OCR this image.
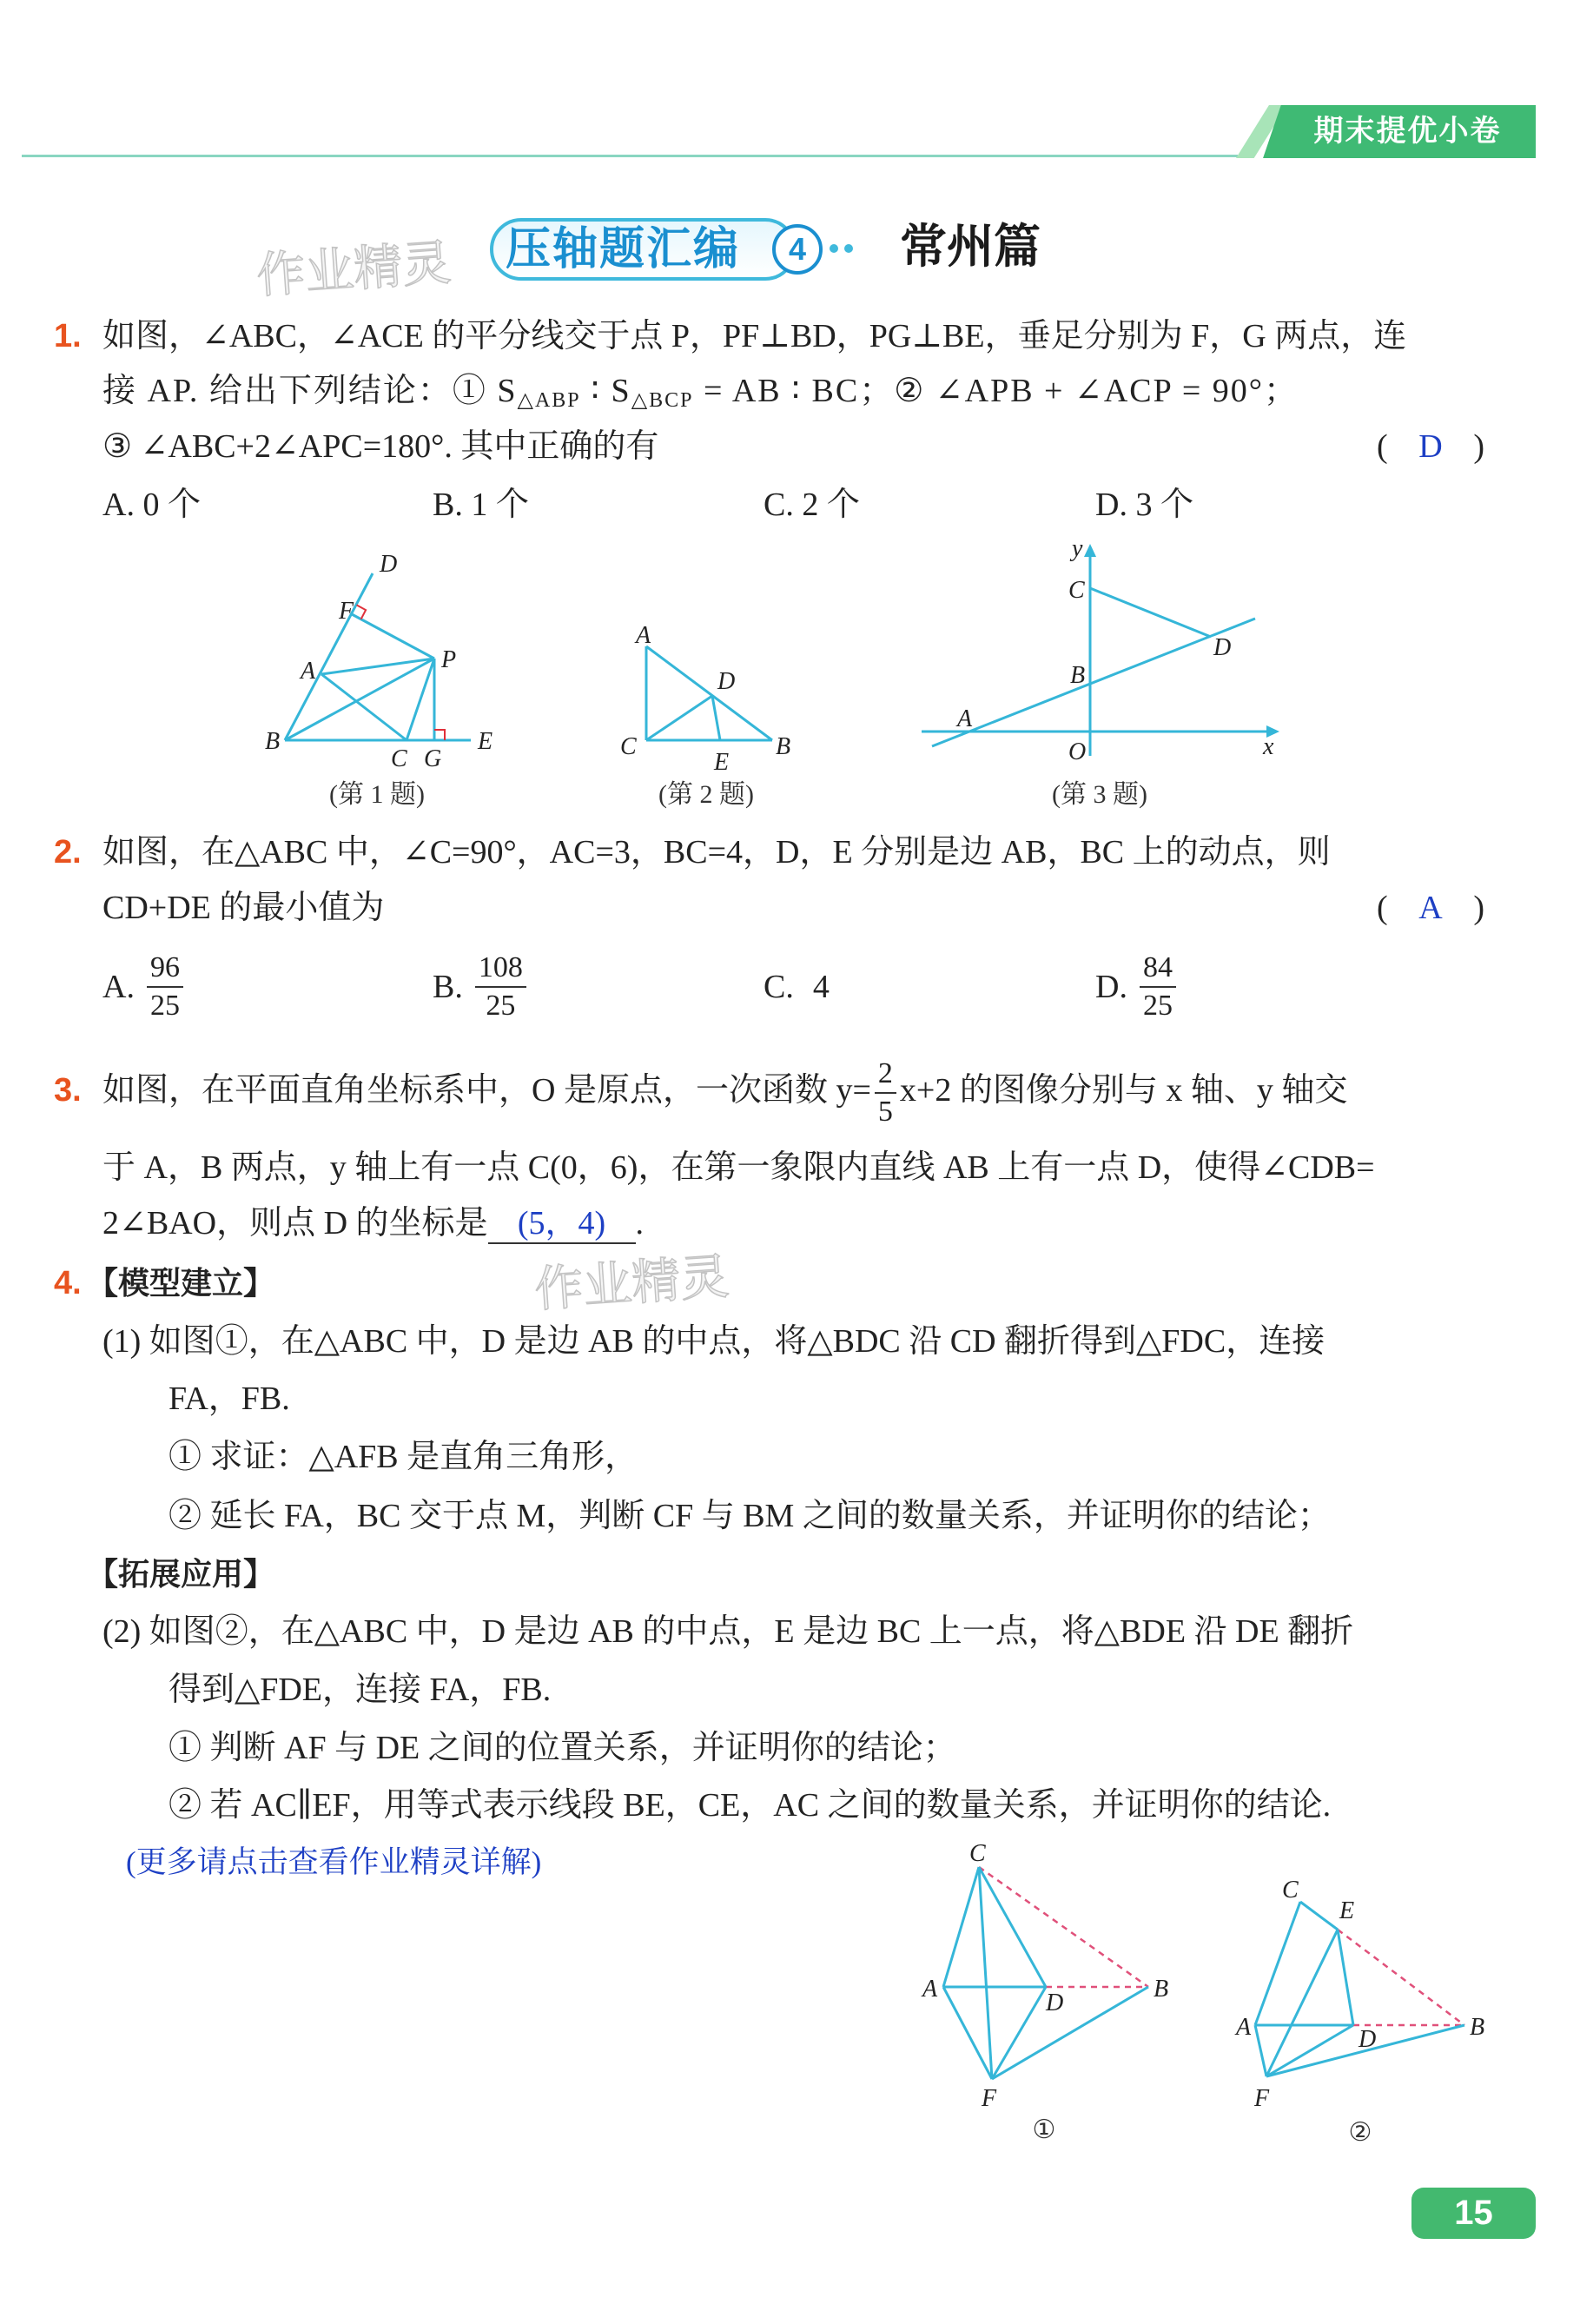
期末提优小卷
作业精灵 压轴题汇编	4	常州篇
1. 如图，∠ABC，∠ACE 的平分线交于点 P，PF⊥BD，PG⊥BE，垂足分别为 F，G 两点，连
接 AP. 给出下列结论：① $S_{\triangle ABP}$ ∶ $S_{\triangle BCP}$ = AB ∶ BC；② ∠APB + ∠ACP = 90°；
③ ∠ABC+2∠APC=180°. 其中正确的有	( D )
A. 0 个	B. 1 个	C. 2 个	D. 3 个
D
F
A	P
B
C G
E
(第 1 题)
A
D
C
E
B
(第 2 题)
y
C
D
B
A
O	x
(第 3 题)
2. 如图，在△ABC 中，∠C=90°，AC=3，BC=4，D，E 分别是边 AB，BC 上的动点，则
CD+DE 的最小值为	( A )
A. $\frac{96}{25}$	B. $\frac{108}{25}$	C. 4	D. $\frac{84}{25}$
3. 如图，在平面直角坐标系中，O 是原点，一次函数 $y= \frac{2}{5} x+2$ 的图像分别与 x 轴、y 轴交
于 A，B 两点，y 轴上有一点 C(0，6)，在第一象限内直线 AB 上有一点 D，使得∠CDB=
2∠BAO，则点 D 的坐标是 (5，4) .
作业精灵
4. 【模型建立】
(1) 如图①，在△ABC 中，D 是边 AB 的中点，将△BDC 沿 CD 翻折得到△FDC，连接
FA，FB.
① 求证：△AFB 是直角三角形，
② 延长 FA，BC 交于点 M，判断 CF 与 BM 之间的数量关系，并证明你的结论；
【拓展应用】
(2) 如图②，在△ABC 中，D 是边 AB 的中点，E 是边 BC 上一点，将△BDE 沿 DE 翻折
得到△FDE，连接 FA，FB.
① 判断 AF 与 DE 之间的位置关系，并证明你的结论；
② 若 AC∥EF，用等式表示线段 BE，CE，AC 之间的数量关系，并证明你的结论.
(更多请点击查看作业精灵详解)	C
A
D
B
F
①
C
E
A	D	B
F
②
15
